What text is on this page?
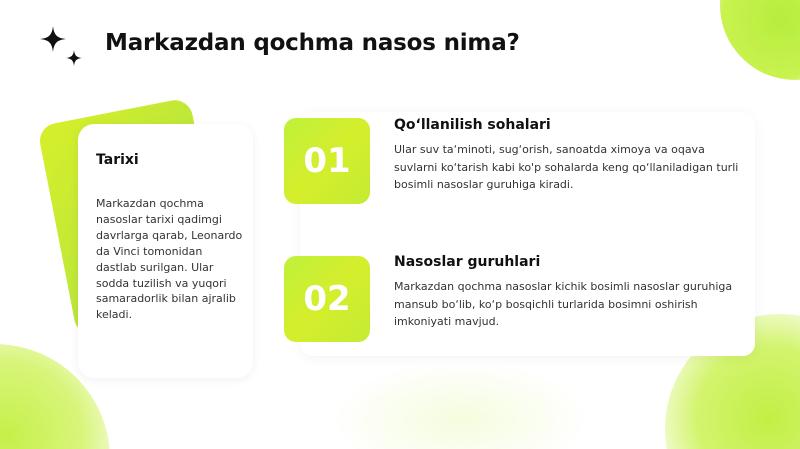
Markazdan qochma nasos nima?
Tarixi
Markazdan qochma nasoslar tarixi qadimgi davrlarga qarab, Leonardo da Vinci tomonidan dastlab surilgan. Ular sodda tuzilish va yuqori samaradorlik bilan ajralib keladi.
01
Qo‘llanilish sohalari
Ular suv ta‘minoti, sug‘orish, sanoatda ximoya va oqava suvlarni ko‘tarish kabi ko'p sohalarda keng qo‘llaniladigan turli bosimli nasoslar guruhiga kiradi.
02
Nasoslar guruhlari
Markazdan qochma nasoslar kichik bosimli nasoslar guruhiga mansub bo‘lib, ko‘p bosqichli turlarida bosimni oshirish imkoniyati mavjud.
